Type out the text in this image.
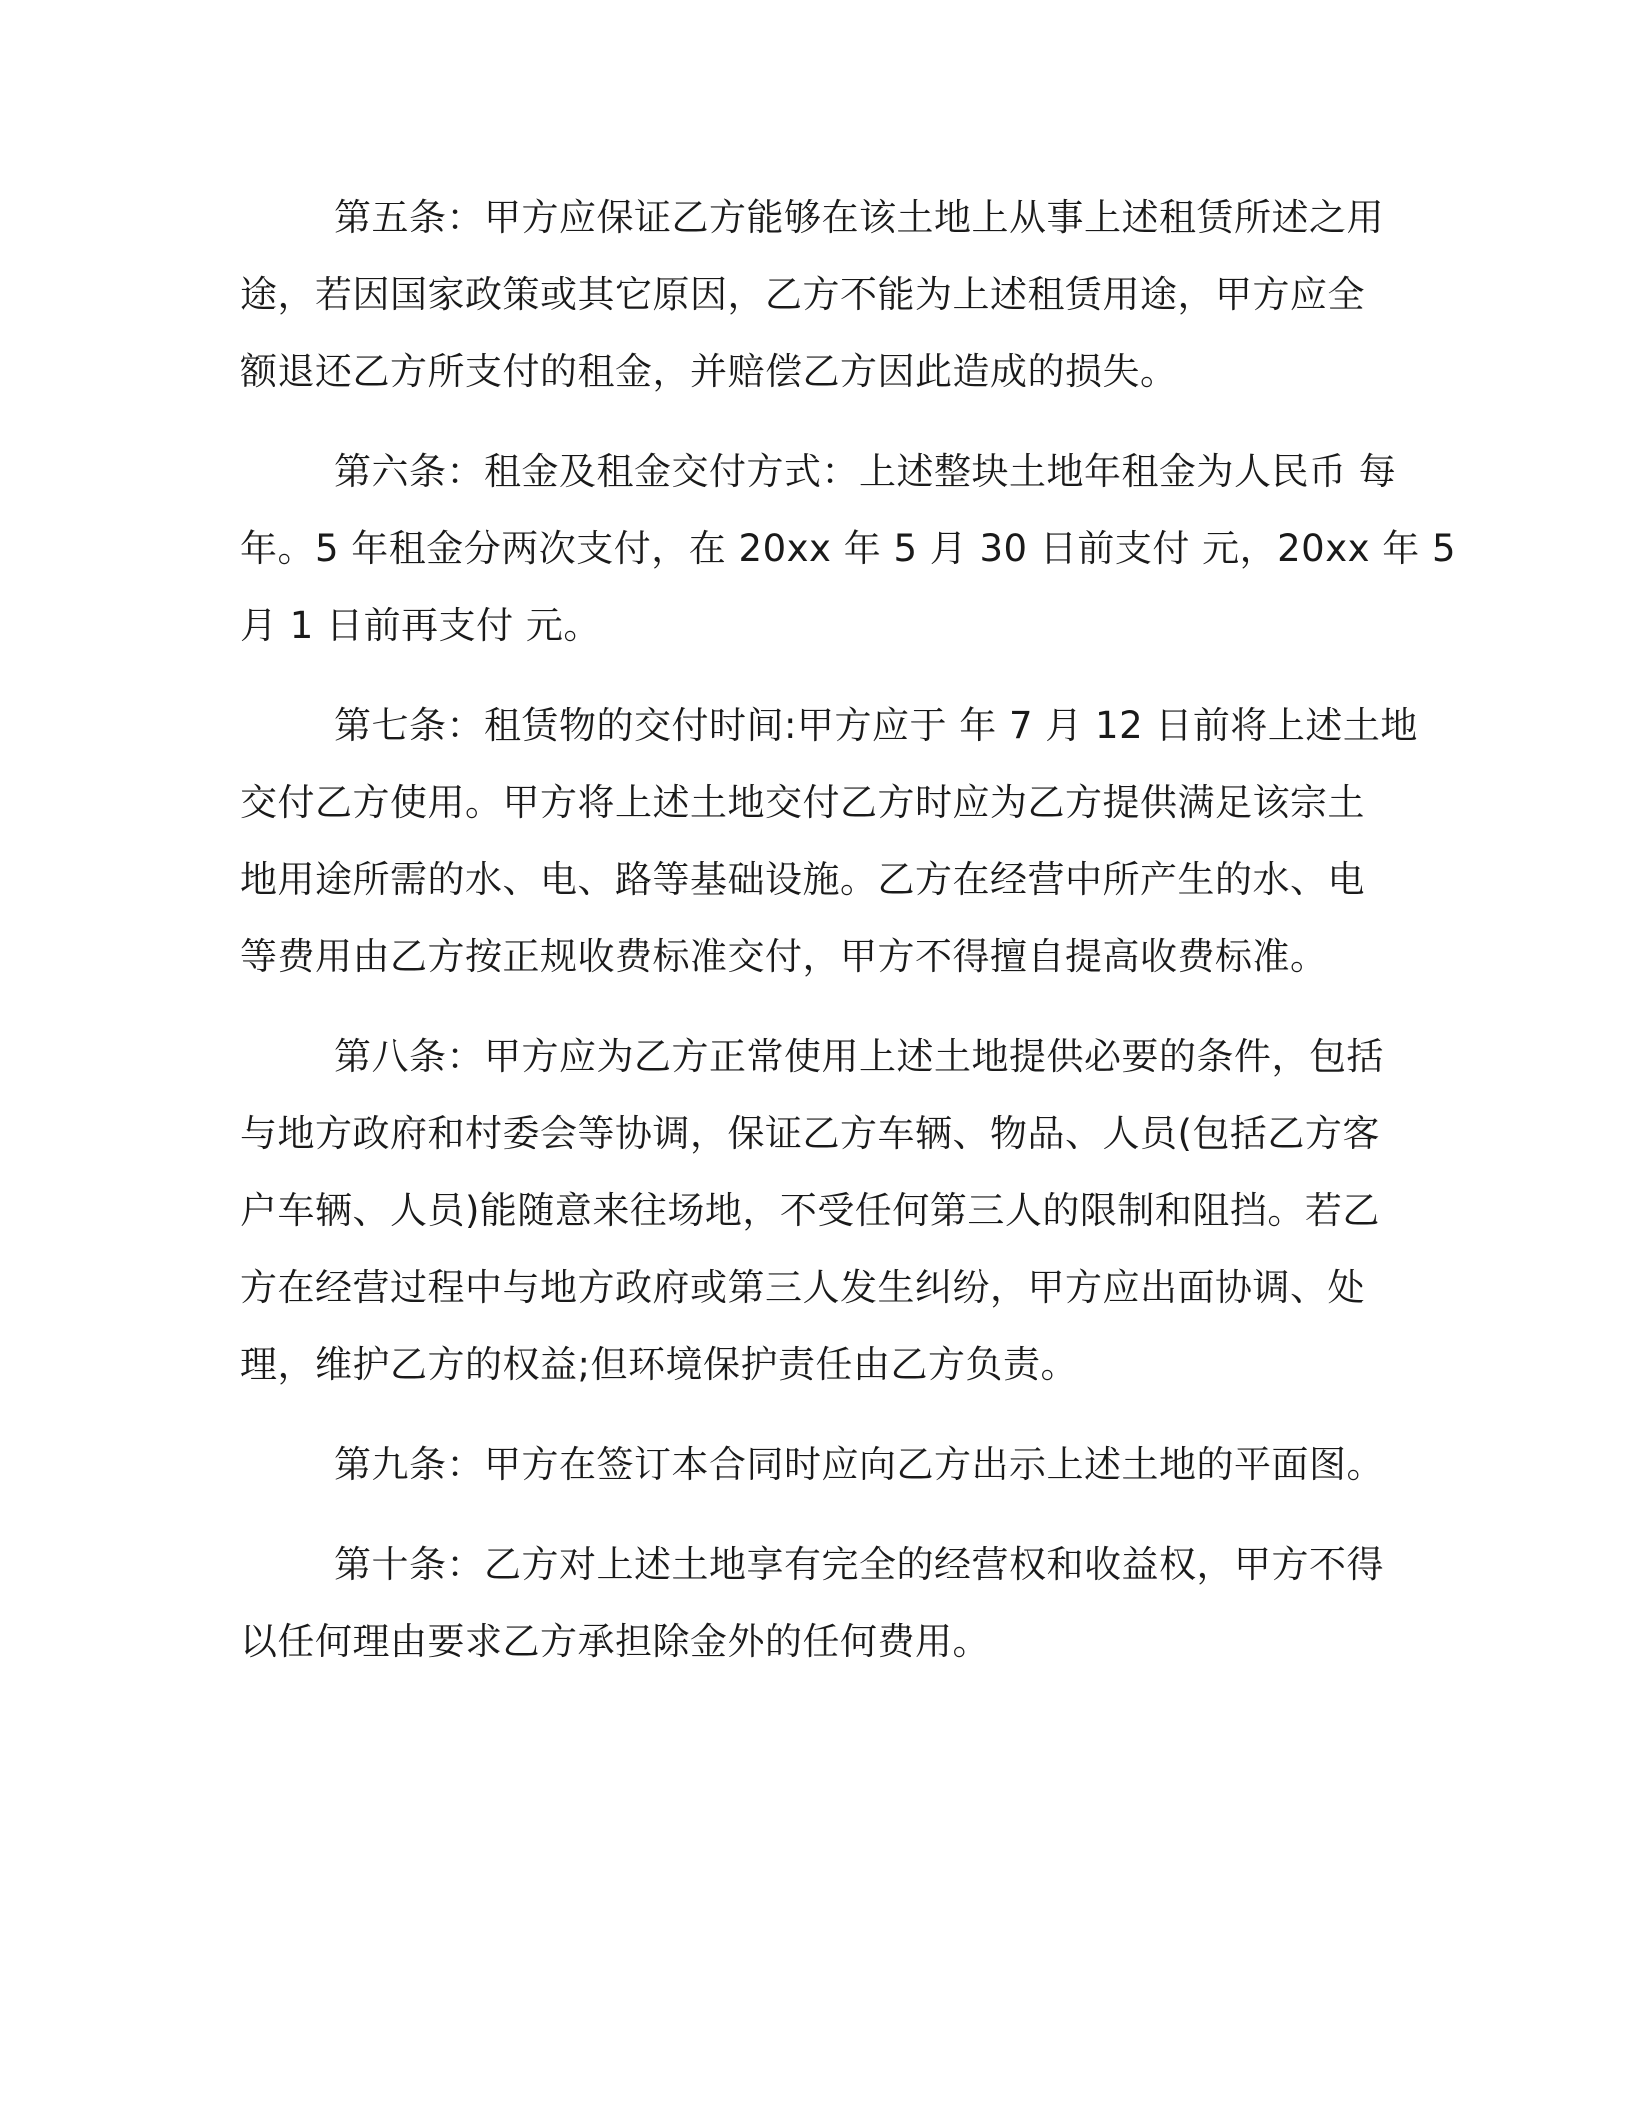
第五条：甲方应保证乙方能够在该土地上从事上述租赁所述之用
途，若因国家政策或其它原因，乙方不能为上述租赁用途，甲方应全
额退还乙方所支付的租金，并赔偿乙方因此造成的损失。
第六条：租金及租金交付方式：上述整块土地年租金为人民币 每
年。5 年租金分两次支付，在 20xx 年 5 月 30 日前支付 元，20xx 年 5
月 1 日前再支付 元。
第七条：租赁物的交付时间:甲方应于 年 7 月 12 日前将上述土地
交付乙方使用。甲方将上述土地交付乙方时应为乙方提供满足该宗土
地用途所需的水、电、路等基础设施。乙方在经营中所产生的水、电
等费用由乙方按正规收费标准交付，甲方不得擅自提高收费标准。
第八条：甲方应为乙方正常使用上述土地提供必要的条件，包括
与地方政府和村委会等协调，保证乙方车辆、物品、人员(包括乙方客
户车辆、人员)能随意来往场地，不受任何第三人的限制和阻挡。若乙
方在经营过程中与地方政府或第三人发生纠纷，甲方应出面协调、处
理，维护乙方的权益;但环境保护责任由乙方负责。
第九条：甲方在签订本合同时应向乙方出示上述土地的平面图。
第十条：乙方对上述土地享有完全的经营权和收益权，甲方不得
以任何理由要求乙方承担除金外的任何费用。
